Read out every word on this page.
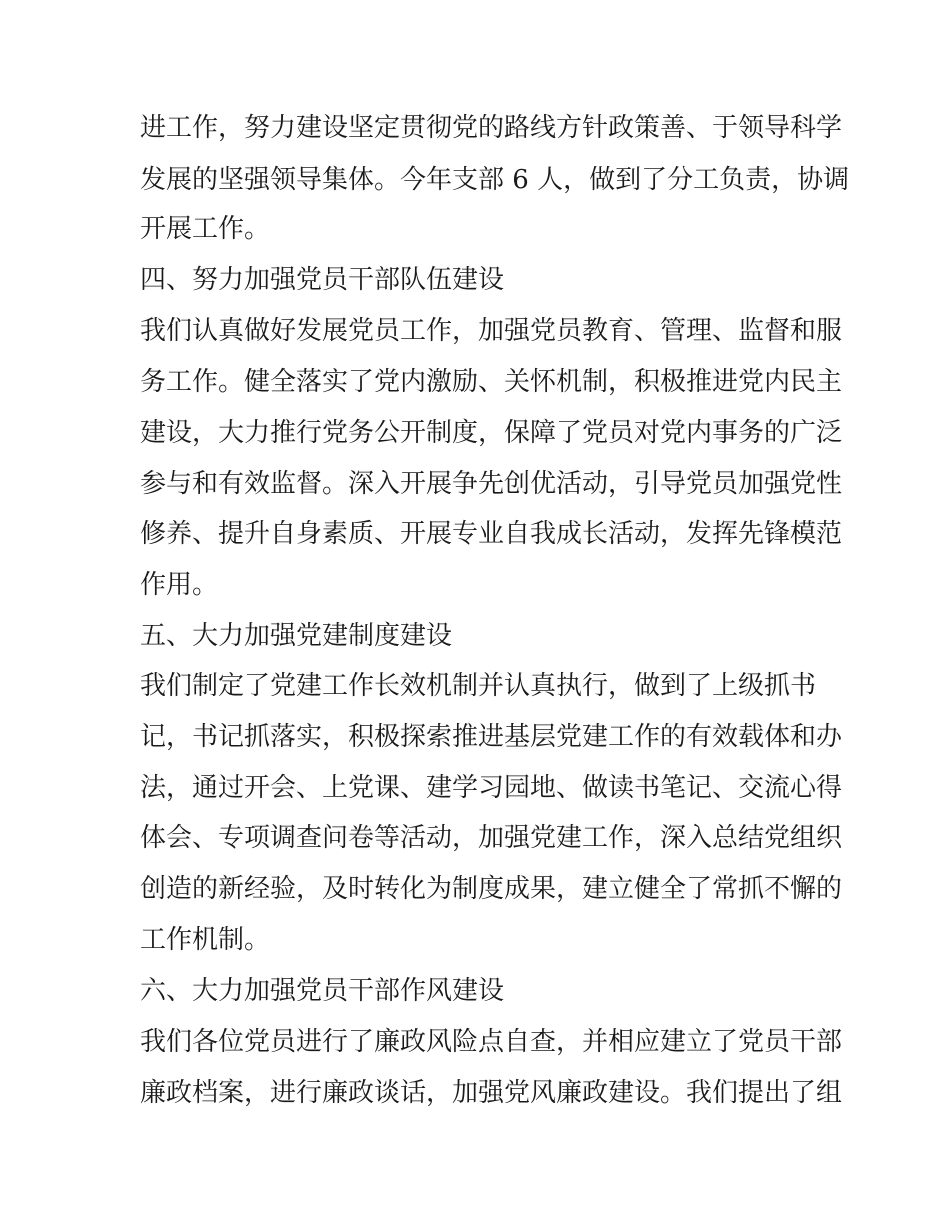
进工作，努力建设坚定贯彻党的路线方针政策善、于领导科学
发展的坚强领导集体。今年支部 6 人，做到了分工负责，协调
开展工作。
四、努力加强党员干部队伍建设
我们认真做好发展党员工作，加强党员教育、管理、监督和服
务工作。健全落实了党内激励、关怀机制，积极推进党内民主
建设，大力推行党务公开制度，保障了党员对党内事务的广泛
参与和有效监督。深入开展争先创优活动，引导党员加强党性
修养、提升自身素质、开展专业自我成长活动，发挥先锋模范
作用。
五、大力加强党建制度建设
我们制定了党建工作长效机制并认真执行，做到了上级抓书
记，书记抓落实，积极探索推进基层党建工作的有效载体和办
法，通过开会、上党课、建学习园地、做读书笔记、交流心得
体会、专项调查问卷等活动，加强党建工作，深入总结党组织
创造的新经验，及时转化为制度成果，建立健全了常抓不懈的
工作机制。
六、大力加强党员干部作风建设
我们各位党员进行了廉政风险点自查，并相应建立了党员干部
廉政档案，进行廉政谈话，加强党风廉政建设。我们提出了组
